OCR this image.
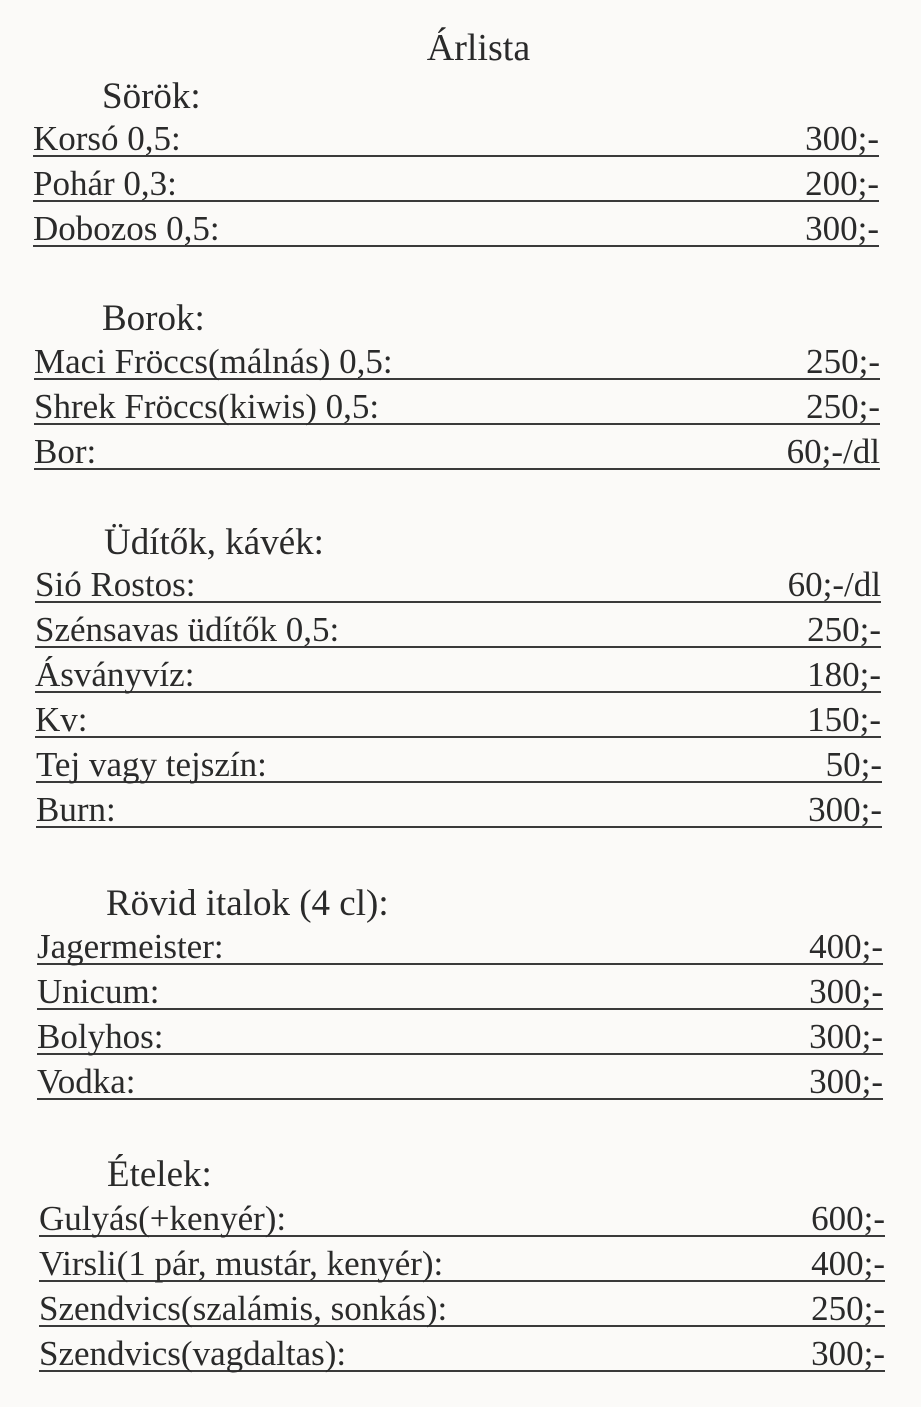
Árlista
Sörök:
Korsó 0,5:	300;-
Pohár 0,3:	200;-
Dobozos 0,5:	300;-
Borok:
Maci Fröccs(málnás) 0,5:	250;-
Shrek Fröccs(kiwis) 0,5:	250;-
Bor:	60;-/dl
Üdítők, kávék:
Sió Rostos:	60;-/dl
Szénsavas üdítők 0,5:	250;-
Ásványvíz:	180;-
Kv:	150;-
Tej vagy tejszín:	50;-
Burn:	300;-
Rövid italok (4 cl):
Jagermeister:	400;-
Unicum:	300;-
Bolyhos:	300;-
Vodka:	300;-
Ételek:
Gulyás(+kenyér):	600;-
Virsli(1 pár, mustár, kenyér):	400;-
Szendvics(szalámis, sonkás):	250;-
Szendvics(vagdaltas):	300;-
